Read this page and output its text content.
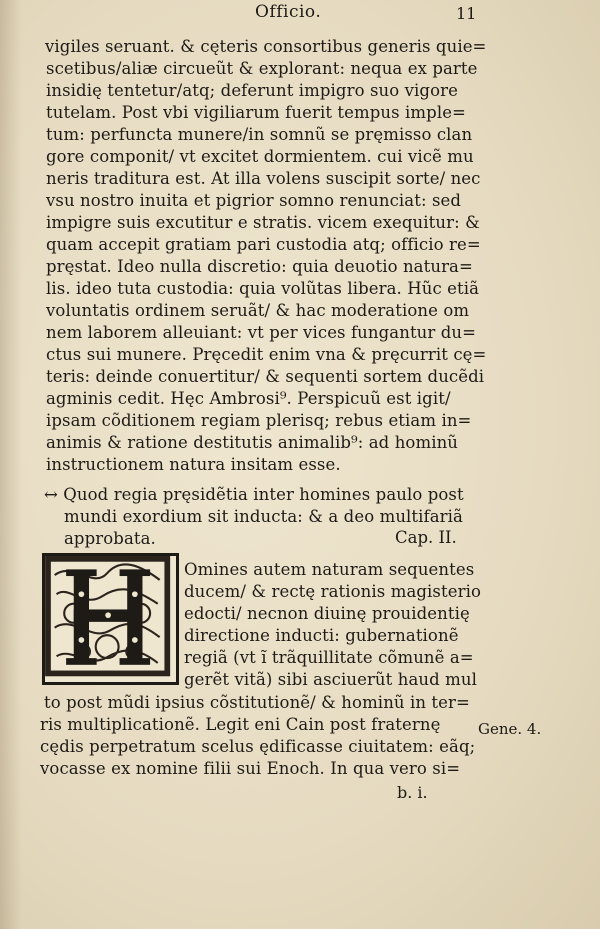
Officio.	11
vigiles seruant. & cęteris consortibus generis quie=
scetibus/aliæ circueũt & explorant: nequa ex parte
insidię tentetur/atq; deferunt impigro suo vigore
tutelam. Post vbi vigiliarum fuerit tempus imple=
tum: perfuncta munere/in somnũ se pręmisso clan
gore componit/ vt excitet dormientem. cui vicẽ mu
neris traditura est. At illa volens suscipit sorte/ nec
vsu nostro inuita et pigrior somno renunciat: sed
impigre suis excutitur e stratis. vicem exequitur: &
quam accepit gratiam pari custodia atq; officio re=
pręstat. Ideo nulla discretio: quia deuotio natura=
lis. ideo tuta custodia: quia volũtas libera. Hũc etiã
voluntatis ordinem seruãt/ & hac moderatione om
nem laborem alleuiant: vt per vices fungantur du=
ctus sui munere. Pręcedit enim vna & pręcurrit cę=
teris: deinde conuertitur/ & sequenti sortem ducẽdi
agminis cedit. Hęc Ambrosi⁹. Perspicuũ est igit/
ipsam cõditionem regiam plerisq; rebus etiam in=
animis & ratione destitutis animalib⁹: ad hominũ
instructionem natura insitam esse.
↔ Quod regia pręsidẽtia inter homines paulo post
mundi exordium sit inducta: & a deo multifariã
approbata.	Cap. II.
Omines autem naturam sequentes
ducem/ & rectę rationis magisterio
edocti/ necnon diuinę prouidentię
directione inducti: gubernationẽ
regiã (vt ĩ trãquillitate cõmunẽ a=
gerẽt vitã) sibi asciuerũt haud mul
to post mũdi ipsius cõstitutionẽ/ & hominũ in ter=
ris multiplicationẽ. Legit eni Cain post fraternę
cędis perpetratum scelus ędificasse ciuitatem: eãq;
vocasse ex nomine filii sui Enoch. In qua vero si=
Gene. 4.
b. i.
